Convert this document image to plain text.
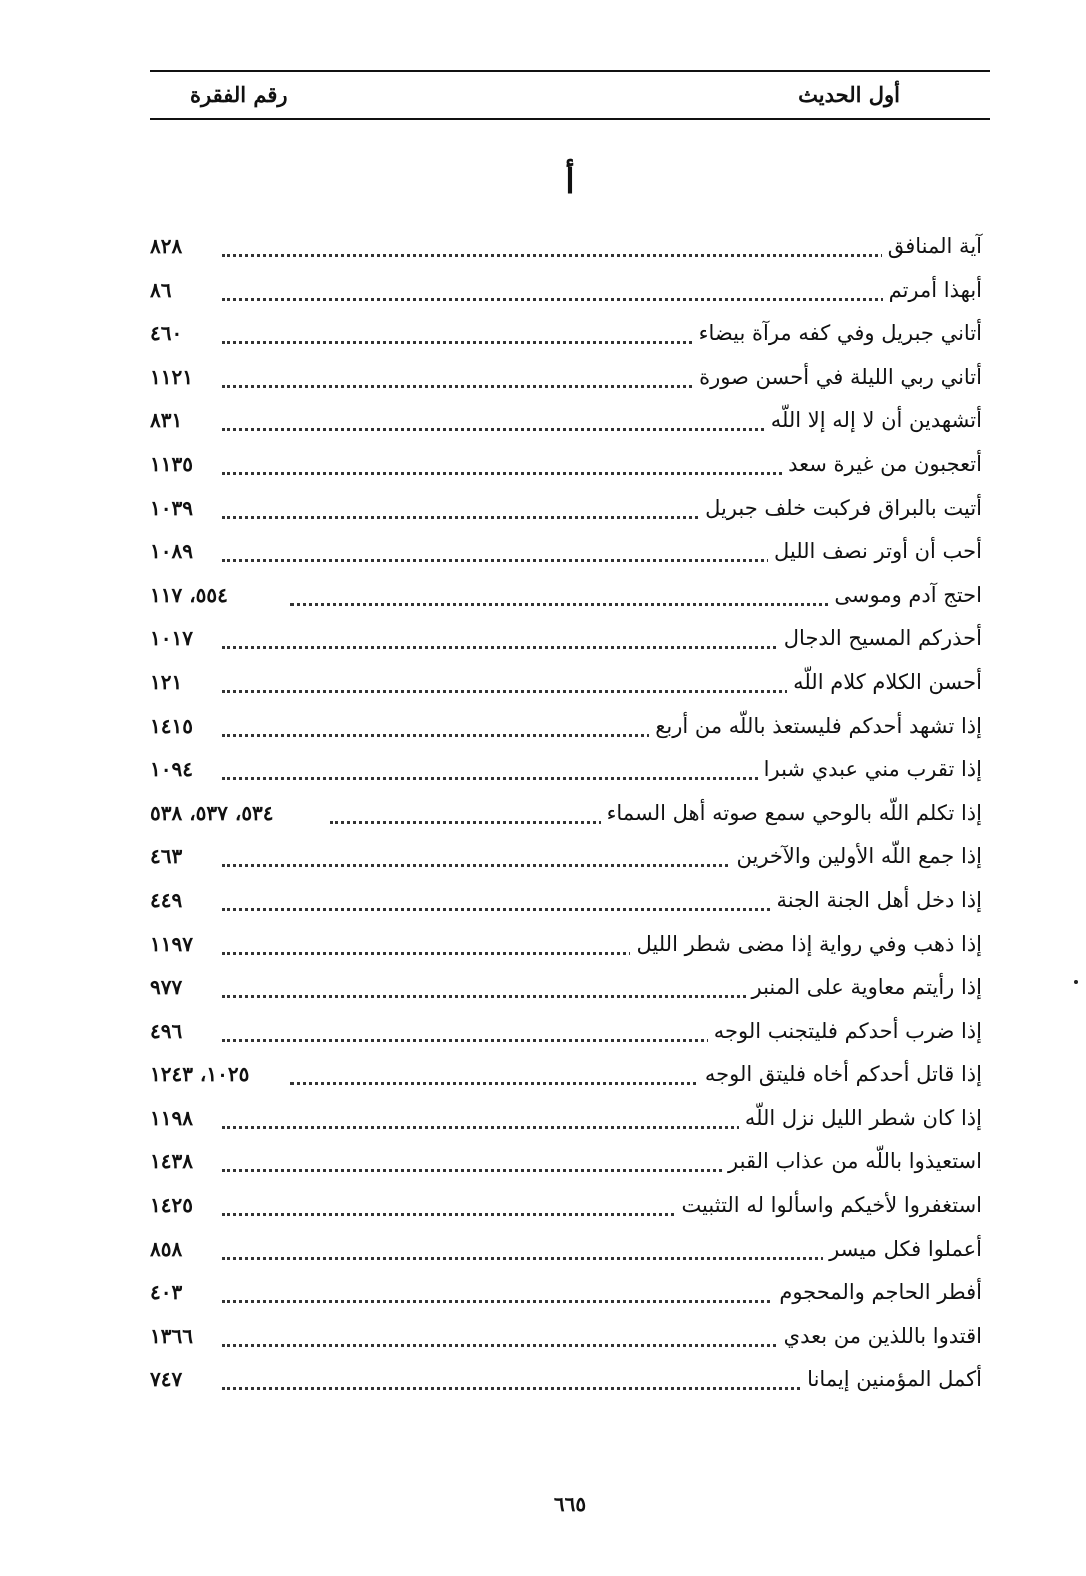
أول الحديث
رقم الفقرة
أ
آية المنافق
٨٢٨
أبهذا أمرتم
٨٦
أتاني جبريل وفي كفه مرآة بيضاء
٤٦٠
أتاني ربي الليلة في أحسن صورة
١١٢١
أتشهدين أن لا إله إلا اللّه
٨٣١
أتعجبون من غيرة سعد
١١٣٥
أتيت بالبراق فركبت خلف جبريل
١٠٣٩
أحب أن أوتر نصف الليل
١٠٨٩
احتج آدم وموسى
٥٥٤، ١١٧
أحذركم المسيح الدجال
١٠١٧
أحسن الكلام كلام اللّه
١٢١
إذا تشهد أحدكم فليستعذ باللّه من أربع
١٤١٥
إذا تقرب مني عبدي شبرا
١٠٩٤
إذا تكلم اللّه بالوحي سمع صوته أهل السماء
٥٣٤، ٥٣٧، ٥٣٨
إذا جمع اللّه الأولين والآخرين
٤٦٣
إذا دخل أهل الجنة الجنة
٤٤٩
إذا ذهب وفي رواية إذا مضى شطر الليل
١١٩٧
إذا رأيتم معاوية على المنبر
٩٧٧
إذا ضرب أحدكم فليتجنب الوجه
٤٩٦
إذا قاتل أحدكم أخاه فليتق الوجه
١٠٢٥، ١٢٤٣
إذا كان شطر الليل نزل اللّه
١١٩٨
استعيذوا باللّه من عذاب القبر
١٤٣٨
استغفروا لأخيكم واسألوا له التثبيت
١٤٢٥
أعملوا فكل ميسر
٨٥٨
أفطر الحاجم والمحجوم
٤٠٣
اقتدوا باللذين من بعدي
١٣٦٦
أكمل المؤمنين إيمانا
٧٤٧
٦٦٥
